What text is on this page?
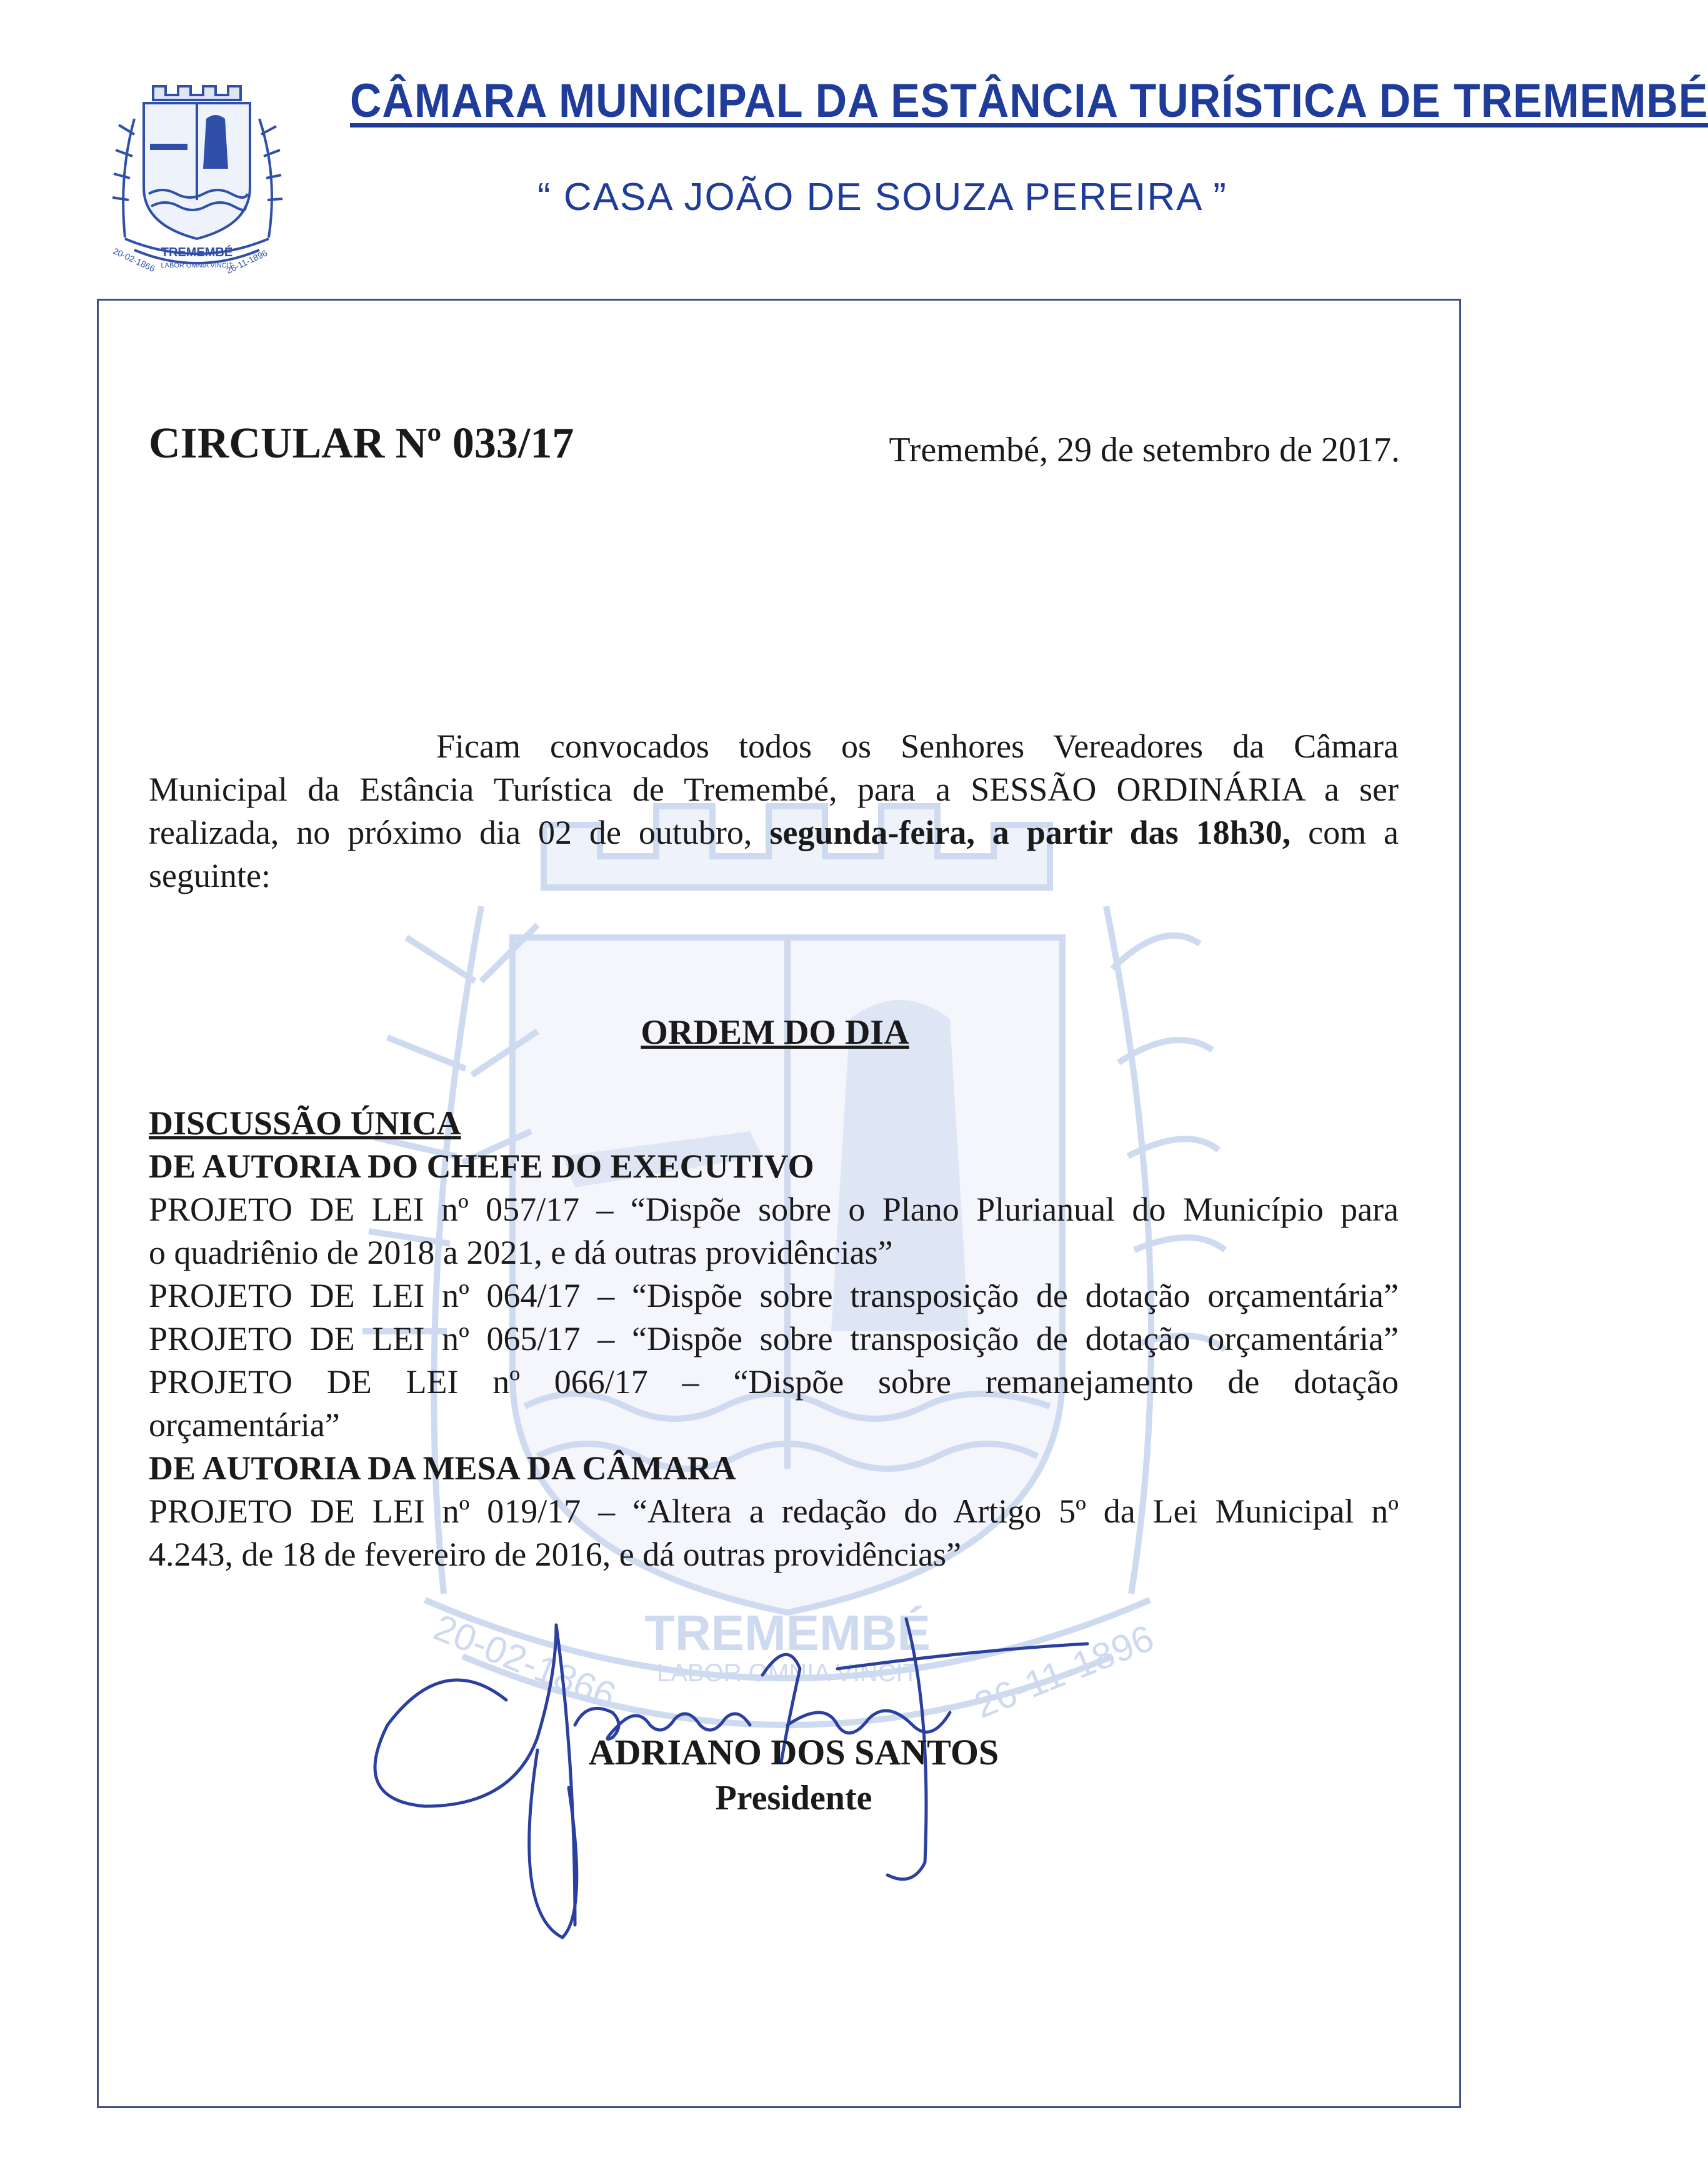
TREMEMBÉ
LABOR OMNIA VINCIT
20-02-1866	26-11-1896
CÂMARA MUNICIPAL DA ESTÂNCIA TURÍSTICA DE TREMEMBÉ
“ CASA JOÃO DE SOUZA PEREIRA ”
TREMEMBÉ
LABOR OMNIA VINCIT
20-02-1866	26-11-1896
CIRCULAR Nº 033/17	Tremembé, 29 de setembro de 2017.
Ficam convocados todos os Senhores Vereadores da Câmara Municipal da Estância Turística de Tremembé, para a SESSÃO ORDINÁRIA a ser realizada, no próximo dia 02 de outubro, segunda-feira, a partir das 18h30, com a seguinte:
ORDEM DO DIA
DISCUSSÃO ÚNICA
DE AUTORIA DO CHEFE DO EXECUTIVO
PROJETO DE LEI nº 057/17 – “Dispõe sobre o Plano Plurianual do Município para
o quadriênio de 2018 a 2021, e dá outras providências”
PROJETO DE LEI nº 064/17 – “Dispõe sobre transposição de dotação orçamentária”
PROJETO DE LEI nº 065/17 – “Dispõe sobre transposição de dotação orçamentária”
PROJETO DE LEI nº 066/17 – “Dispõe sobre remanejamento de dotação
orçamentária”
DE AUTORIA DA MESA DA CÂMARA
PROJETO DE LEI nº 019/17 – “Altera a redação do Artigo 5º da Lei Municipal nº
4.243, de 18 de fevereiro de 2016, e dá outras providências”
ADRIANO DOS SANTOS
Presidente
